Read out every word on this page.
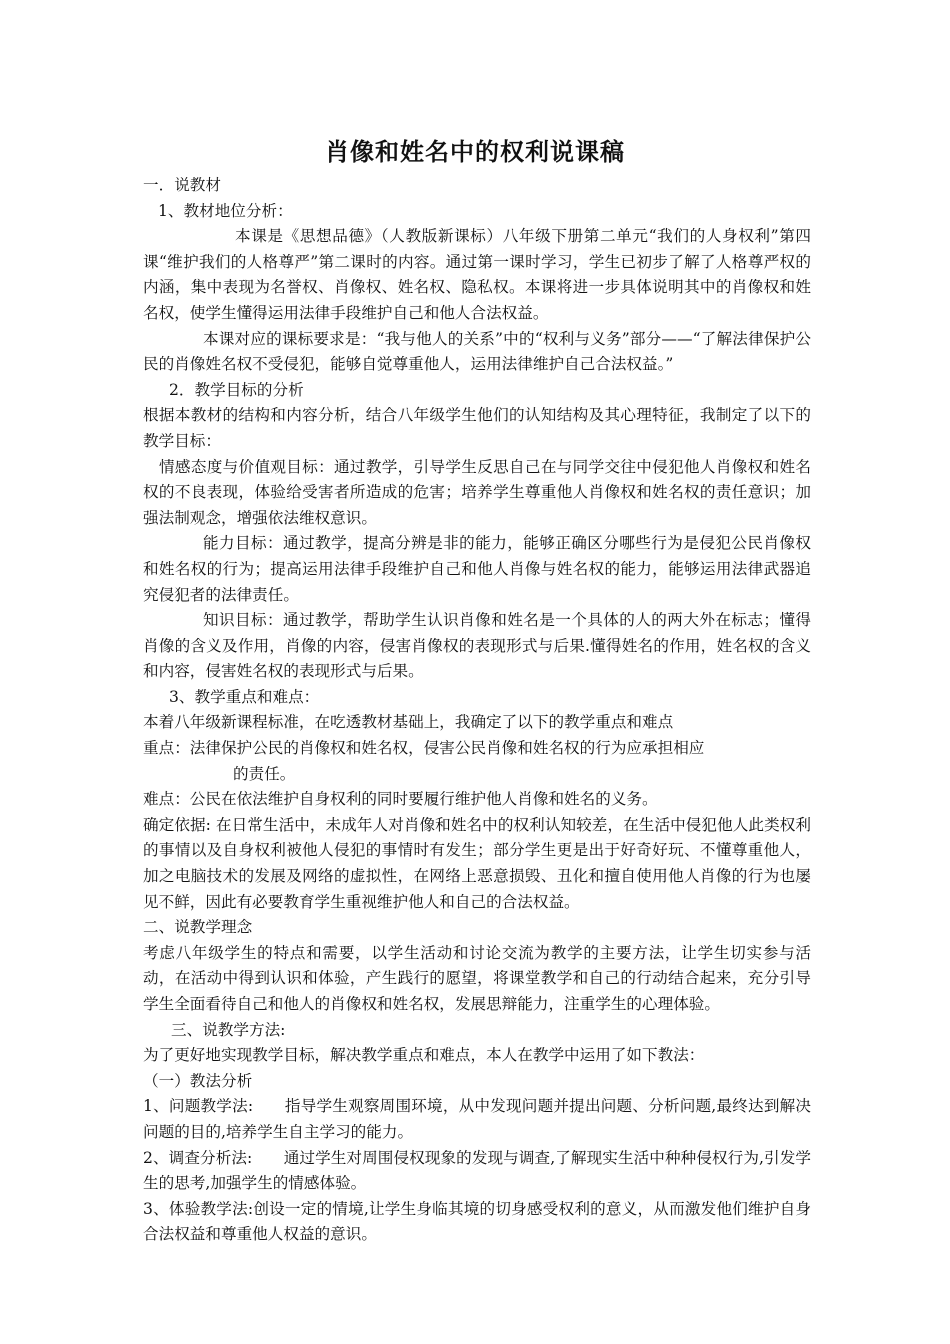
肖像和姓名中的权利说课稿

一．说教材

1、教材地位分析：

本课是《思想品德》（人教版新课标）八年级下册第二单元“我们的人身权利”第四课“维护我们的人格尊严”第二课时的内容。通过第一课时学习，学生已初步了解了人格尊严权的内涵，集中表现为名誉权、肖像权、姓名权、隐私权。本课将进一步具体说明其中的肖像权和姓名权，使学生懂得运用法律手段维护自己和他人合法权益。

本课对应的课标要求是：“我与他人的关系”中的“权利与义务”部分——“了解法律保护公民的肖像姓名权不受侵犯，能够自觉尊重他人，运用法律维护自己合法权益。”

2．教学目标的分析

根据本教材的结构和内容分析，结合八年级学生他们的认知结构及其心理特征，我制定了以下的教学目标：

情感态度与价值观目标：通过教学，引导学生反思自己在与同学交往中侵犯他人肖像权和姓名权的不良表现，体验给受害者所造成的危害；培养学生尊重他人肖像权和姓名权的责任意识；加强法制观念，增强依法维权意识。

能力目标：通过教学，提高分辨是非的能力，能够正确区分哪些行为是侵犯公民肖像权和姓名权的行为；提高运用法律手段维护自己和他人肖像与姓名权的能力，能够运用法律武器追究侵犯者的法律责任。

知识目标：通过教学，帮助学生认识肖像和姓名是一个具体的人的两大外在标志；懂得肖像的含义及作用，肖像的内容，侵害肖像权的表现形式与后果.懂得姓名的作用，姓名权的含义和内容，侵害姓名权的表现形式与后果。

3、教学重点和难点：

本着八年级新课程标准，在吃透教材基础上，我确定了以下的教学重点和难点

重点：法律保护公民的肖像权和姓名权，侵害公民肖像和姓名权的行为应承担相应

的责任。

难点：公民在依法维护自身权利的同时要履行维护他人肖像和姓名的义务。

确定依据: 在日常生活中，未成年人对肖像和姓名中的权利认知较差，在生活中侵犯他人此类权利的事情以及自身权利被他人侵犯的事情时有发生；部分学生更是出于好奇好玩、不懂尊重他人，加之电脑技术的发展及网络的虚拟性，在网络上恶意损毁、丑化和擅自使用他人肖像的行为也屡见不鲜，因此有必要教育学生重视维护他人和自己的合法权益。

二、说教学理念

考虑八年级学生的特点和需要，以学生活动和讨论交流为教学的主要方法，让学生切实参与活动，在活动中得到认识和体验，产生践行的愿望，将课堂教学和自己的行动结合起来，充分引导学生全面看待自己和他人的肖像权和姓名权，发展思辩能力，注重学生的心理体验。

三、说教学方法:

为了更好地实现教学目标，解决教学重点和难点，本人在教学中运用了如下教法：

（一）教法分析

1、问题教学法:　　指导学生观察周围环境，从中发现问题并提出问题、分析问题,最终达到解决问题的目的,培养学生自主学习的能力。

2、调查分析法:　　通过学生对周围侵权现象的发现与调查,了解现实生活中种种侵权行为,引发学生的思考,加强学生的情感体验。

3、体验教学法:创设一定的情境,让学生身临其境的切身感受权利的意义，从而激发他们维护自身合法权益和尊重他人权益的意识。
